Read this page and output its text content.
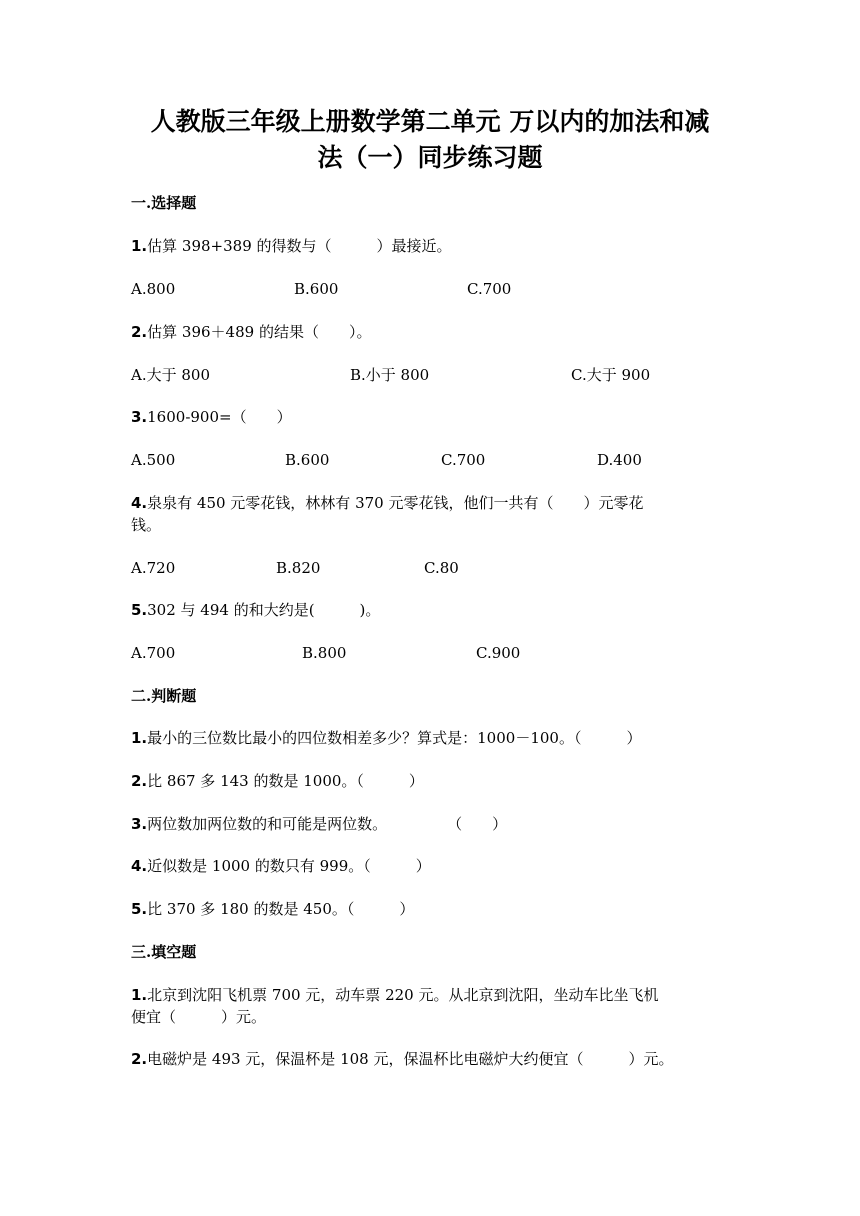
人教版三年级上册数学第二单元 万以内的加法和减
法（一）同步练习题
一.选择题
1.估算 398+389 的得数与（　　　）最接近。
A.800	B.600	C.700
2.估算 396＋489 的结果（　　）。
A.大于 800	B.小于 800	C.大于 900
3.1600-900=（　　）
A.500	B.600	C.700	D.400
4.泉泉有 450 元零花钱，林林有 370 元零花钱，他们一共有（　　）元零花
钱。
A.720	B.820	C.80
5.302 与 494 的和大约是(　　　)。
A.700	B.800	C.900
二.判断题
1.最小的三位数比最小的四位数相差多少？算式是：1000－100。（　　　）
2.比 867 多 143 的数是 1000。（　　　）
3.两位数加两位数的和可能是两位数。　　　　　（　　）
4.近似数是 1000 的数只有 999。（　　　）
5.比 370 多 180 的数是 450。（　　　）
三.填空题
1.北京到沈阳飞机票 700 元，动车票 220 元。从北京到沈阳，坐动车比坐飞机
便宜（　　　）元。
2.电磁炉是 493 元，保温杯是 108 元，保温杯比电磁炉大约便宜（　　　）元。
